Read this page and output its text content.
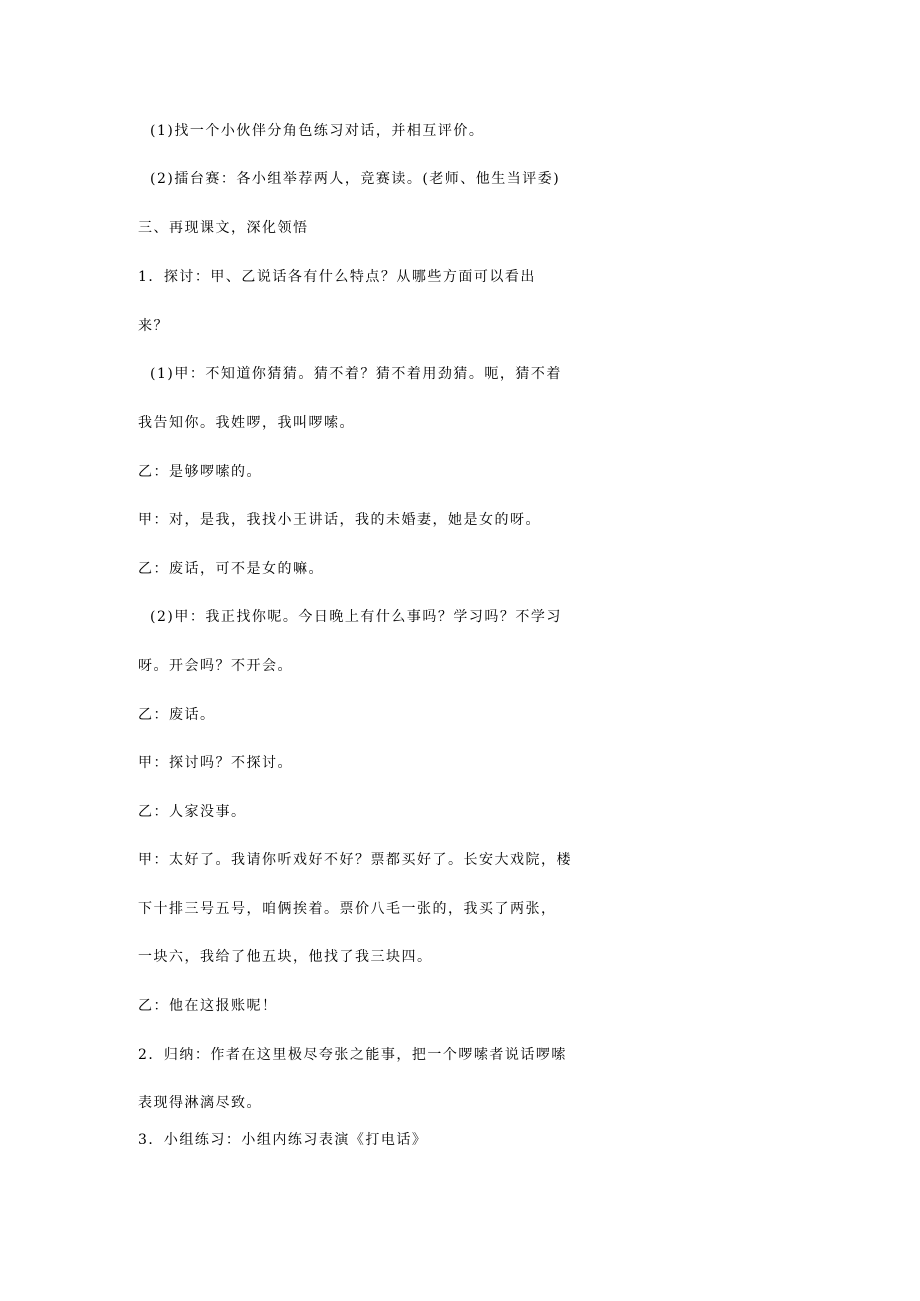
(1)找一个小伙伴分角色练习对话，并相互评价。
(2)擂台赛：各小组举荐两人，竞赛读。(老师、他生当评委)
三、再现课文，深化领悟
1．探讨：甲、乙说话各有什么特点？从哪些方面可以看出
来？
(1)甲：不知道你猜猜。猜不着？猜不着用劲猜。呃，猜不着
我告知你。我姓啰，我叫啰嗦。
乙：是够啰嗦的。
甲：对，是我，我找小王讲话，我的未婚妻，她是女的呀。
乙：废话，可不是女的嘛。
(2)甲：我正找你呢。今日晚上有什么事吗？学习吗？不学习
呀。开会吗？不开会。
乙：废话。
甲：探讨吗？不探讨。
乙：人家没事。
甲：太好了。我请你听戏好不好？票都买好了。长安大戏院，楼
下十排三号五号，咱俩挨着。票价八毛一张的，我买了两张，
一块六，我给了他五块，他找了我三块四。
乙：他在这报账呢！
2．归纳：作者在这里极尽夸张之能事，把一个啰嗦者说话啰嗦
表现得淋漓尽致。
3．小组练习：小组内练习表演《打电话》
